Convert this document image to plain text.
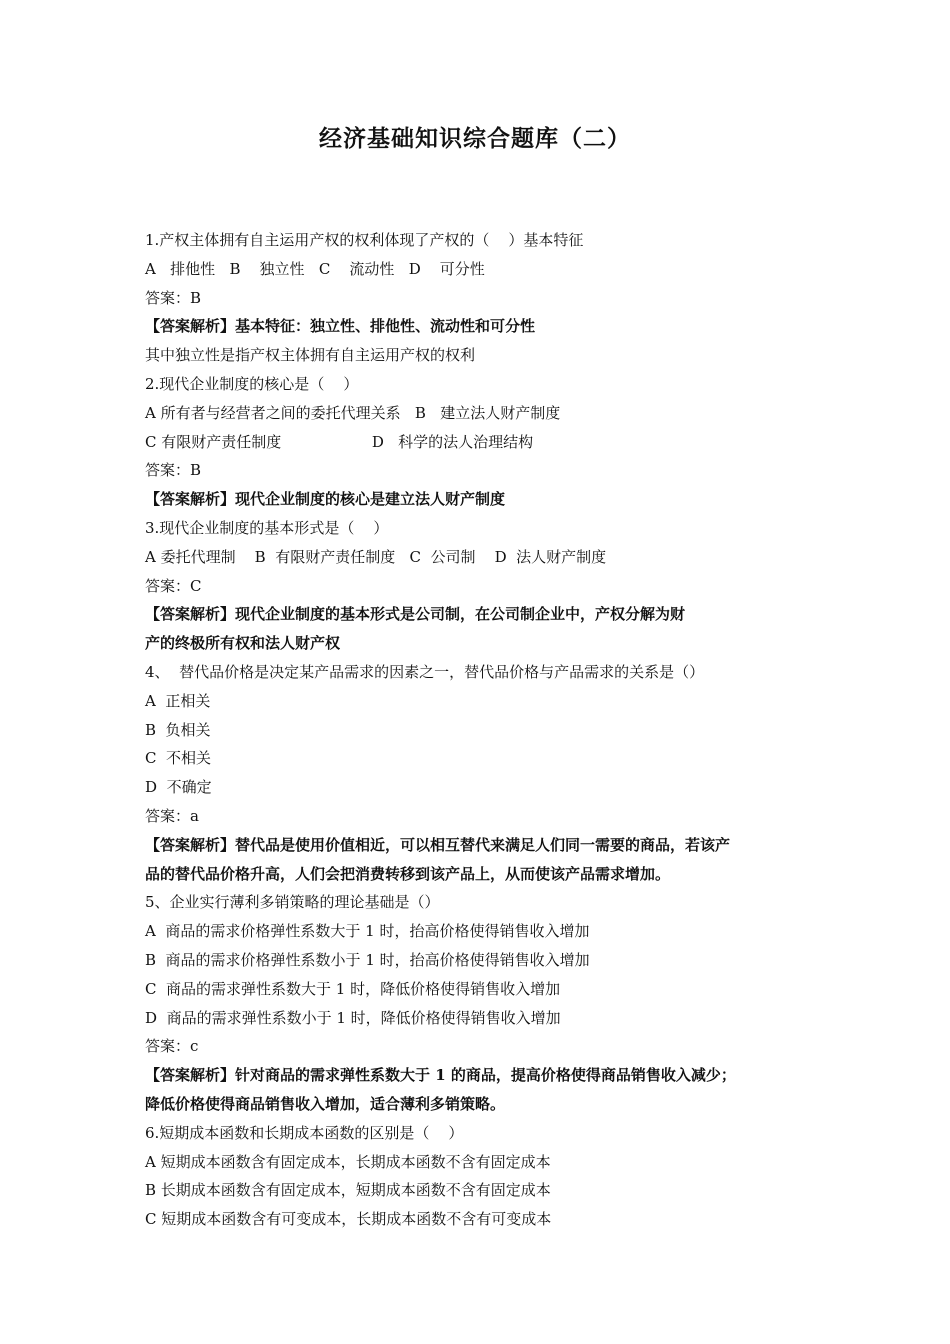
经济基础知识综合题库（二）
1.产权主体拥有自主运用产权的权利体现了产权的（    ）基本特征
A   排他性   B    独立性   C    流动性   D    可分性
答案：B
【答案解析】基本特征：独立性、排他性、流动性和可分性
其中独立性是指产权主体拥有自主运用产权的权利
2.现代企业制度的核心是（    ）
A 所有者与经营者之间的委托代理关系   B   建立法人财产制度
C 有限财产责任制度                   D   科学的法人治理结构
答案：B
【答案解析】现代企业制度的核心是建立法人财产制度
3.现代企业制度的基本形式是（    ）
A 委托代理制    B  有限财产责任制度   C  公司制    D  法人财产制度
答案：C
【答案解析】现代企业制度的基本形式是公司制，在公司制企业中，产权分解为财
产的终极所有权和法人财产权
4、  替代品价格是决定某产品需求的因素之一，替代品价格与产品需求的关系是（）
A  正相关
B  负相关
C  不相关
D  不确定
答案：a
【答案解析】替代品是使用价值相近，可以相互替代来满足人们同一需要的商品，若该产
品的替代品价格升高，人们会把消费转移到该产品上，从而使该产品需求增加。
5、企业实行薄利多销策略的理论基础是（）
A  商品的需求价格弹性系数大于 1 时，抬高价格使得销售收入增加
B  商品的需求价格弹性系数小于 1 时，抬高价格使得销售收入增加
C  商品的需求弹性系数大于 1 时，降低价格使得销售收入增加
D  商品的需求弹性系数小于 1 时，降低价格使得销售收入增加
答案：c
【答案解析】针对商品的需求弹性系数大于 1 的商品，提高价格使得商品销售收入减少；
降低价格使得商品销售收入增加，适合薄利多销策略。
6.短期成本函数和长期成本函数的区别是（    ）
A 短期成本函数含有固定成本，长期成本函数不含有固定成本
B 长期成本函数含有固定成本，短期成本函数不含有固定成本
C 短期成本函数含有可变成本，长期成本函数不含有可变成本
